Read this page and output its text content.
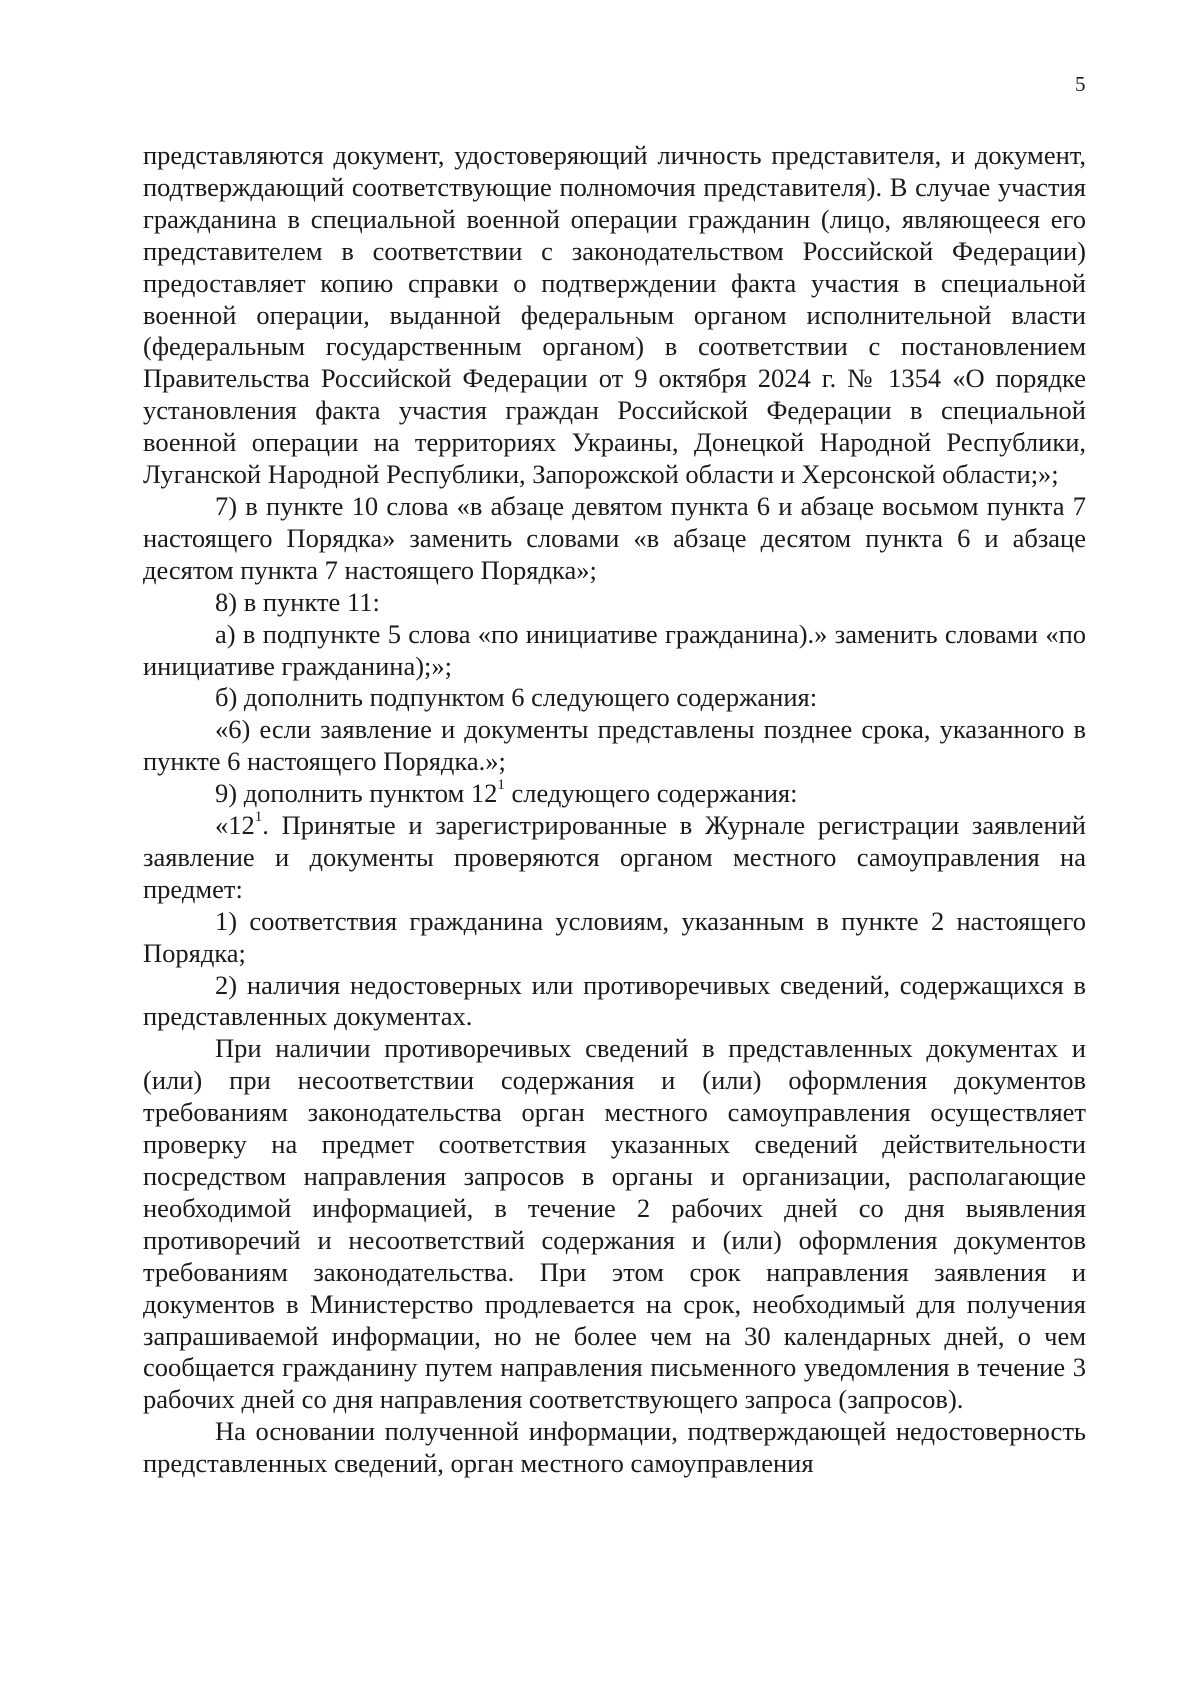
5

представляются документ, удостоверяющий личность представителя, и документ, подтверждающий соответствующие полномочия представителя). В случае участия гражданина в специальной военной операции гражданин (лицо, являющееся его представителем в соответствии с законодательством Российской Федерации) предоставляет копию справки о подтверждении факта участия в специальной военной операции, выданной федеральным органом исполнительной власти (федеральным государственным органом) в соответствии с постановлением Правительства Российской Федерации от 9 октября 2024 г. № 1354 «О порядке установления факта участия граждан Российской Федерации в специальной военной операции на территориях Украины, Донецкой Народной Республики, Луганской Народной Республики, Запорожской области и Херсонской области;»;

7) в пункте 10 слова «в абзаце девятом пункта 6 и абзаце восьмом пункта 7 настоящего Порядка» заменить словами «в абзаце десятом пункта 6 и абзаце десятом пункта 7 настоящего Порядка»;

8) в пункте 11:

а) в подпункте 5 слова «по инициативе гражданина).» заменить словами «по инициативе гражданина);»;

б) дополнить подпунктом 6 следующего содержания:

«6) если заявление и документы представлены позднее срока, указанного в пункте 6 настоящего Порядка.»;

9) дополнить пунктом $12^1$ следующего содержания:

«$12^1$. Принятые и зарегистрированные в Журнале регистрации заявлений заявление и документы проверяются органом местного самоуправления на предмет:

1) соответствия гражданина условиям, указанным в пункте 2 настоящего Порядка;

2) наличия недостоверных или противоречивых сведений, содержащихся в представленных документах.

При наличии противоречивых сведений в представленных документах и (или) при несоответствии содержания и (или) оформления документов требованиям законодательства орган местного самоуправления осуществляет проверку на предмет соответствия указанных сведений действительности посредством направления запросов в органы и организации, располагающие необходимой информацией, в течение 2 рабочих дней со дня выявления противоречий и несоответствий содержания и (или) оформления документов требованиям законодательства. При этом срок направления заявления и документов в Министерство продлевается на срок, необходимый для получения запрашиваемой информации, но не более чем на 30 календарных дней, о чем сообщается гражданину путем направления письменного уведомления в течение 3 рабочих дней со дня направления соответствующего запроса (запросов).

На основании полученной информации, подтверждающей недостоверность представленных сведений, орган местного самоуправления
